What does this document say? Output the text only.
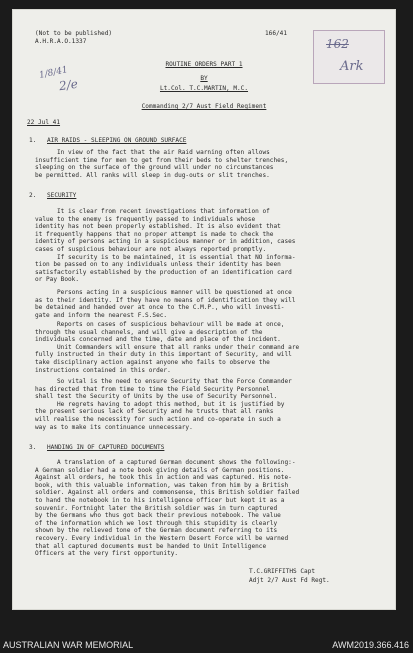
(Not to be published)
A.H.R.A.O.1337
166/41
162
Ark
1/8/41
2/e
ROUTINE ORDERS PART 1
BY
Lt.Col. T.C.MARTIN, M.C.
Commanding 2/7 Aust Field Regiment
22 Jul 41
1. AIR RAIDS - SLEEPING ON GROUND SURFACE
In view of the fact that the air Raid warning often allows
insufficient time for men to get from their beds to shelter trenches,
sleeping on the surface of the ground will under no circumstances
be permitted. All ranks will sleep in dug-outs or slit trenches.
2. SECURITY
It is clear from recent investigations that information of
value to the enemy is frequently passed to individuals whose
identity has not been properly established. It is also evident that
it frequently happens that no proper attempt is made to check the
identity of persons acting in a suspicious manner or in addition, cases
cases of suspicious behaviour are not always reported promptly.
If security is to be maintained, it is essential that NO informa-
tion be passed on to any individuals unless their identity has been
satisfactorily established by the production of an identification card
or Pay Book.
Persons acting in a suspicious manner will be questioned at once
as to their identity. If they have no means of identification they will
be detained and handed over at once to the C.M.P., who will investi-
gate and inform the nearest F.S.Sec.
Reports on cases of suspicious behaviour will be made at once,
through the usual channels, and will give a description of the
individuals concerned and the time, date and place of the incident.
Unit Commanders will ensure that all ranks under their command are
fully instructed in their duty in this important of Security, and will
take disciplinary action against anyone who fails to observe the
instructions contained in this order.
So vital is the need to ensure Security that the Force Commander
has directed that from time to time the Field Security Personnel
shall test the Security of Units by the use of Security Personnel.
He regrets having to adopt this method, but it is justified by
the present serious lack of Security and he trusts that all ranks
will realise the necessity for such action and co-operate in such a
way as to make its continuance unnecessary.
3. HANDING IN OF CAPTURED DOCUMENTS
A translation of a captured German document shows the following:-
A German soldier had a note book giving details of German positions.
Against all orders, he took this in action and was captured. His note-
book, with this valuable information, was taken from him by a British
soldier. Against all orders and commonsense, this British soldier failed
to hand the notebook in to his intelligence officer but kept it as a
souvenir. Fortnight later the British soldier was in turn captured
by the Germans who thus got back their previous notebook. The value
of the information which we lost through this stupidity is clearly
shown by the relieved tone of the German document referring to its
recovery. Every individual in the Western Desert Force will be warned
that all captured documents must be handed to Unit Intelligence
Officers at the very first opportunity.
T.C.GRIFFITHS Capt
Adjt 2/7 Aust Fd Regt.
AUSTRALIAN WAR MEMORIAL	AWM2019.366.416
